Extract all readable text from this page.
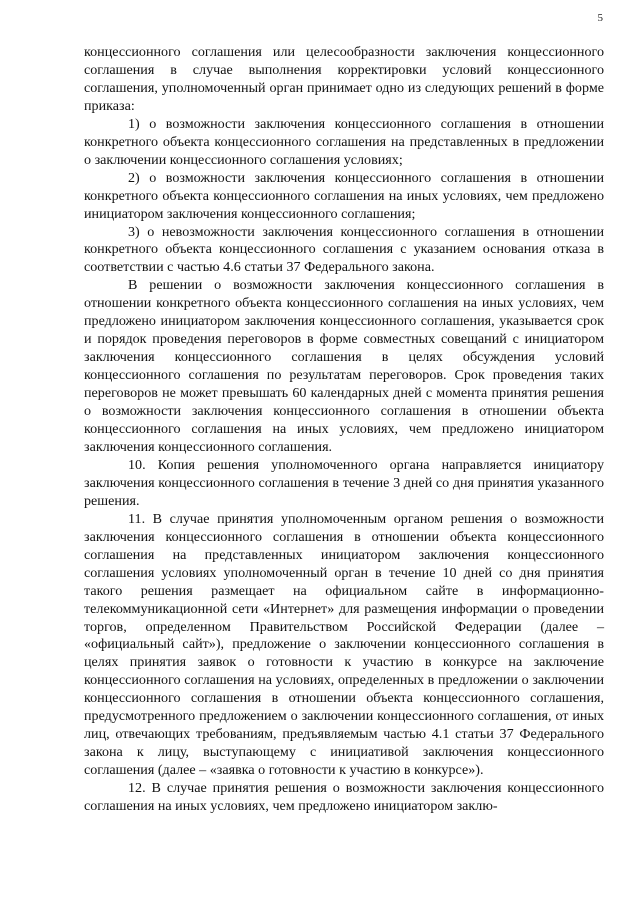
5

концессионного соглашения или целесообразности заключения концессионного соглашения в случае выполнения корректировки условий концессионного соглашения, уполномоченный орган принимает одно из следующих решений в форме приказа:

1) о возможности заключения концессионного соглашения в отношении конкретного объекта концессионного соглашения на представленных в предложении о заключении концессионного соглашения условиях;

2) о возможности заключения концессионного соглашения в отношении конкретного объекта концессионного соглашения на иных условиях, чем предложено инициатором заключения концессионного соглашения;

3) о невозможности заключения концессионного соглашения в отношении конкретного объекта концессионного соглашения с указанием основания отказа в соответствии с частью 4.6 статьи 37 Федерального закона.

В решении о возможности заключения концессионного соглашения в отношении конкретного объекта концессионного соглашения на иных условиях, чем предложено инициатором заключения концессионного соглашения, указывается срок и порядок проведения переговоров в форме совместных совещаний с инициатором заключения концессионного соглашения в целях обсуждения условий концессионного соглашения по результатам переговоров. Срок проведения таких переговоров не может превышать 60 календарных дней с момента принятия решения о возможности заключения концессионного соглашения в отношении объекта концессионного соглашения на иных условиях, чем предложено инициатором заключения концессионного соглашения.

10. Копия решения уполномоченного органа направляется инициатору заключения концессионного соглашения в течение 3 дней со дня принятия указанного решения.

11. В случае принятия уполномоченным органом решения о возможности заключения концессионного соглашения в отношении объекта концессионного соглашения на представленных инициатором заключения концессионного соглашения условиях уполномоченный орган в течение 10 дней со дня принятия такого решения размещает на официальном сайте в информационно-телекоммуникационной сети «Интернет» для размещения информации о проведении торгов, определенном Правительством Российской Федерации (далее – «официальный сайт»), предложение о заключении концессионного соглашения в целях принятия заявок о готовности к участию в конкурсе на заключение концессионного соглашения на условиях, определенных в предложении о заключении концессионного соглашения в отношении объекта концессионного соглашения, предусмотренного предложением о заключении концессионного соглашения, от иных лиц, отвечающих требованиям, предъявляемым частью 4.1 статьи 37 Федерального закона к лицу, выступающему с инициативой заключения концессионного соглашения (далее – «заявка о готовности к участию в конкурсе»).

12. В случае принятия решения о возможности заключения концессионного соглашения на иных условиях, чем предложено инициатором заклю-
